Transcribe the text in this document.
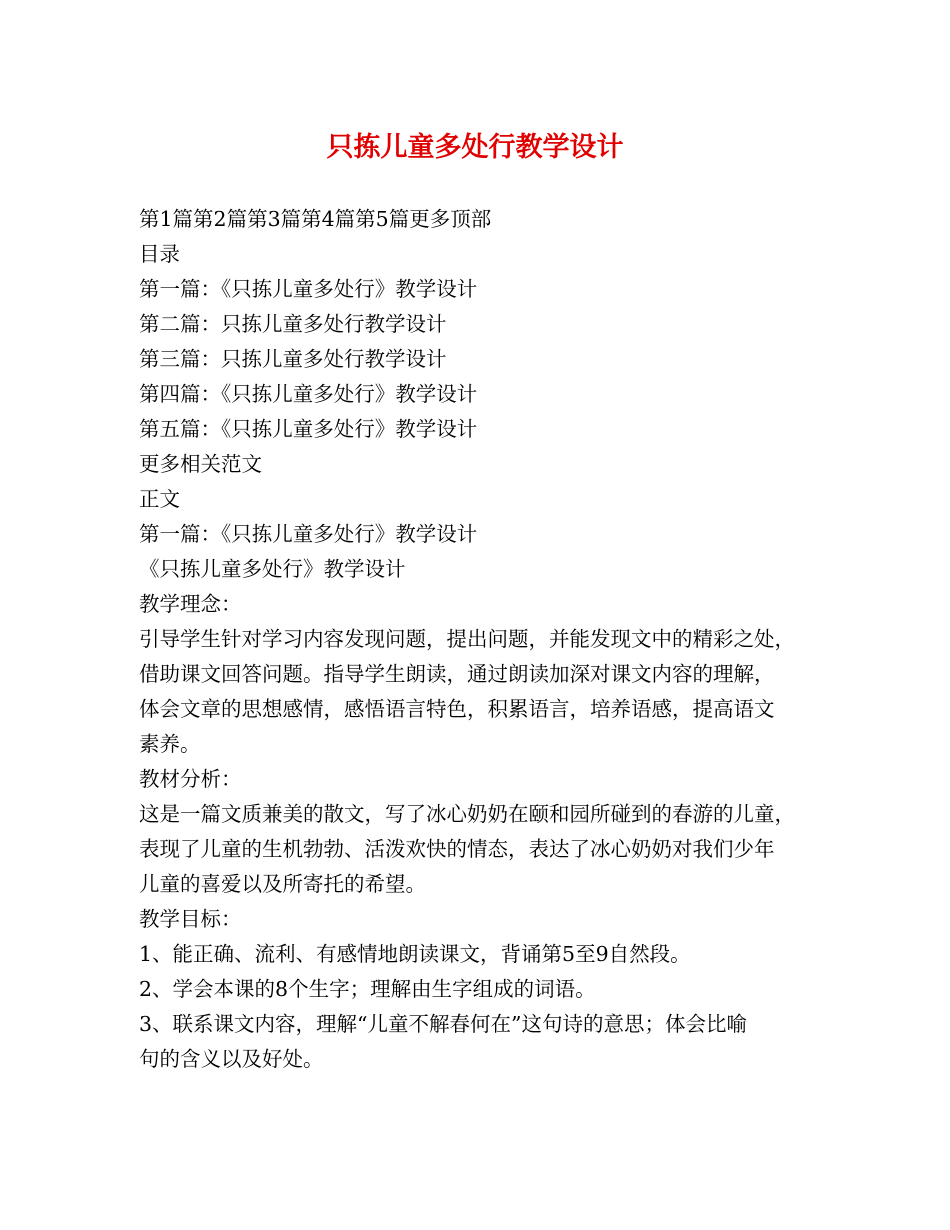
只拣儿童多处行教学设计

第1篇第2篇第3篇第4篇第5篇更多顶部

目录

第一篇：《只拣儿童多处行》教学设计

第二篇：只拣儿童多处行教学设计

第三篇：只拣儿童多处行教学设计

第四篇：《只拣儿童多处行》教学设计

第五篇：《只拣儿童多处行》教学设计

更多相关范文

正文

第一篇：《只拣儿童多处行》教学设计

《只拣儿童多处行》教学设计

教学理念：

引导学生针对学习内容发现问题，提出问题，并能发现文中的精彩之处，

借助课文回答问题。指导学生朗读，通过朗读加深对课文内容的理解，

体会文章的思想感情，感悟语言特色，积累语言，培养语感，提高语文

素养。

教材分析：

这是一篇文质兼美的散文，写了冰心奶奶在颐和园所碰到的春游的儿童，

表现了儿童的生机勃勃、活泼欢快的情态，表达了冰心奶奶对我们少年

儿童的喜爱以及所寄托的希望。

教学目标：

1、能正确、流利、有感情地朗读课文，背诵第5至9自然段。

2、学会本课的8个生字；理解由生字组成的词语。

3、联系课文内容，理解“儿童不解春何在”这句诗的意思；体会比喻

句的含义以及好处。
